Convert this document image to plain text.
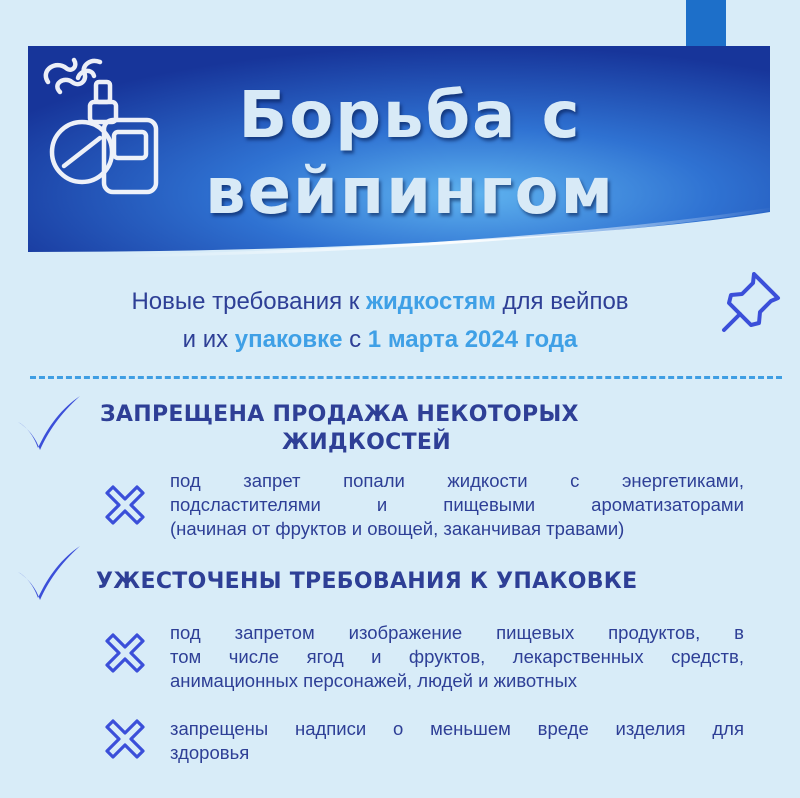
Борьба с
вейпингом
Новые требования к жидкостям для вейпов
и их упаковке с 1 марта 2024 года
ЗАПРЕЩЕНА ПРОДАЖА НЕКОТОРЫХ
ЖИДКОСТЕЙ
под запрет попали жидкости с энергетиками,
подсластителями и пищевыми ароматизаторами
(начиная от фруктов и овощей, заканчивая травами)
УЖЕСТОЧЕНЫ ТРЕБОВАНИЯ К УПАКОВКЕ
под запретом изображение пищевых продуктов, в
том числе ягод и фруктов, лекарственных средств,
анимационных персонажей, людей и животных
запрещены надписи о меньшем вреде изделия для
здоровья
